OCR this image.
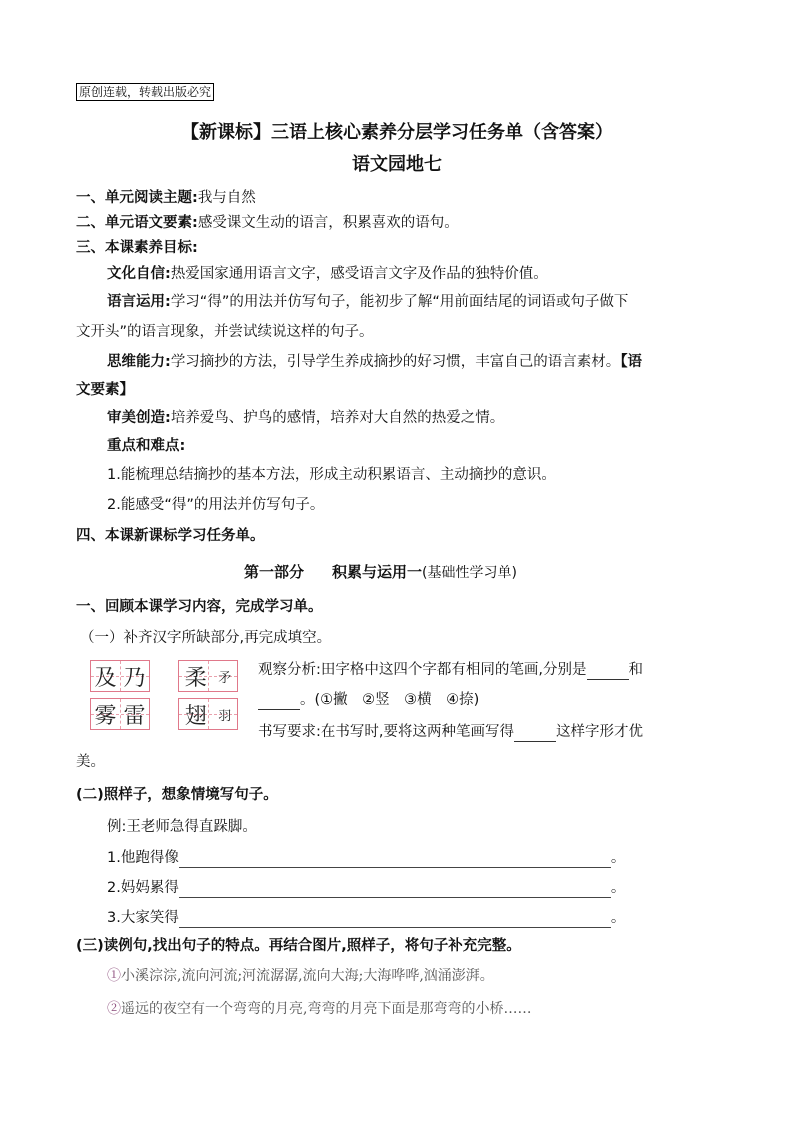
原创连载，转载出版必究
【新课标】三语上核心素养分层学习任务单（含答案）
语文园地七
一、单元阅读主题:我与自然
二、单元语文要素:感受课文生动的语言，积累喜欢的语句。
三、本课素养目标:
文化自信:热爱国家通用语言文字，感受语言文字及作品的独特价值。
语言运用:学习“得”的用法并仿写句子，能初步了解“用前面结尾的词语或句子做下
文开头”的语言现象，并尝试续说这样的句子。
思维能力:学习摘抄的方法，引导学生养成摘抄的好习惯，丰富自己的语言素材。【语
文要素】
审美创造:培养爱鸟、护鸟的感情，培养对大自然的热爱之情。
重点和难点:
1.能梳理总结摘抄的基本方法，形成主动积累语言、主动摘抄的意识。
2.能感受“得”的用法并仿写句子。
四、本课新课标学习任务单。
第一部分 积累与运用一(基础性学习单)
一、回顾本课学习内容，完成学习单。
（一）补齐汉字所缺部分,再完成填空。
及 乃 柔 矛
雾 雷 翅 羽
观察分析:田字格中这四个字都有相同的笔画,分别是	和
。(①撇　②竖　③横　④捺)
书写要求:在书写时,要将这两种笔画写得	这样字形才优
美。
(二)照样子，想象情境写句子。
例:王老师急得直跺脚。
1.他跑得像	。
2.妈妈累得	。
3.大家笑得	。
(三)读例句,找出句子的特点。再结合图片,照样子，将句子补充完整。
①小溪淙淙,流向河流;河流潺潺,流向大海;大海哗哗,汹涌澎湃。
②遥远的夜空有一个弯弯的月亮,弯弯的月亮下面是那弯弯的小桥……
